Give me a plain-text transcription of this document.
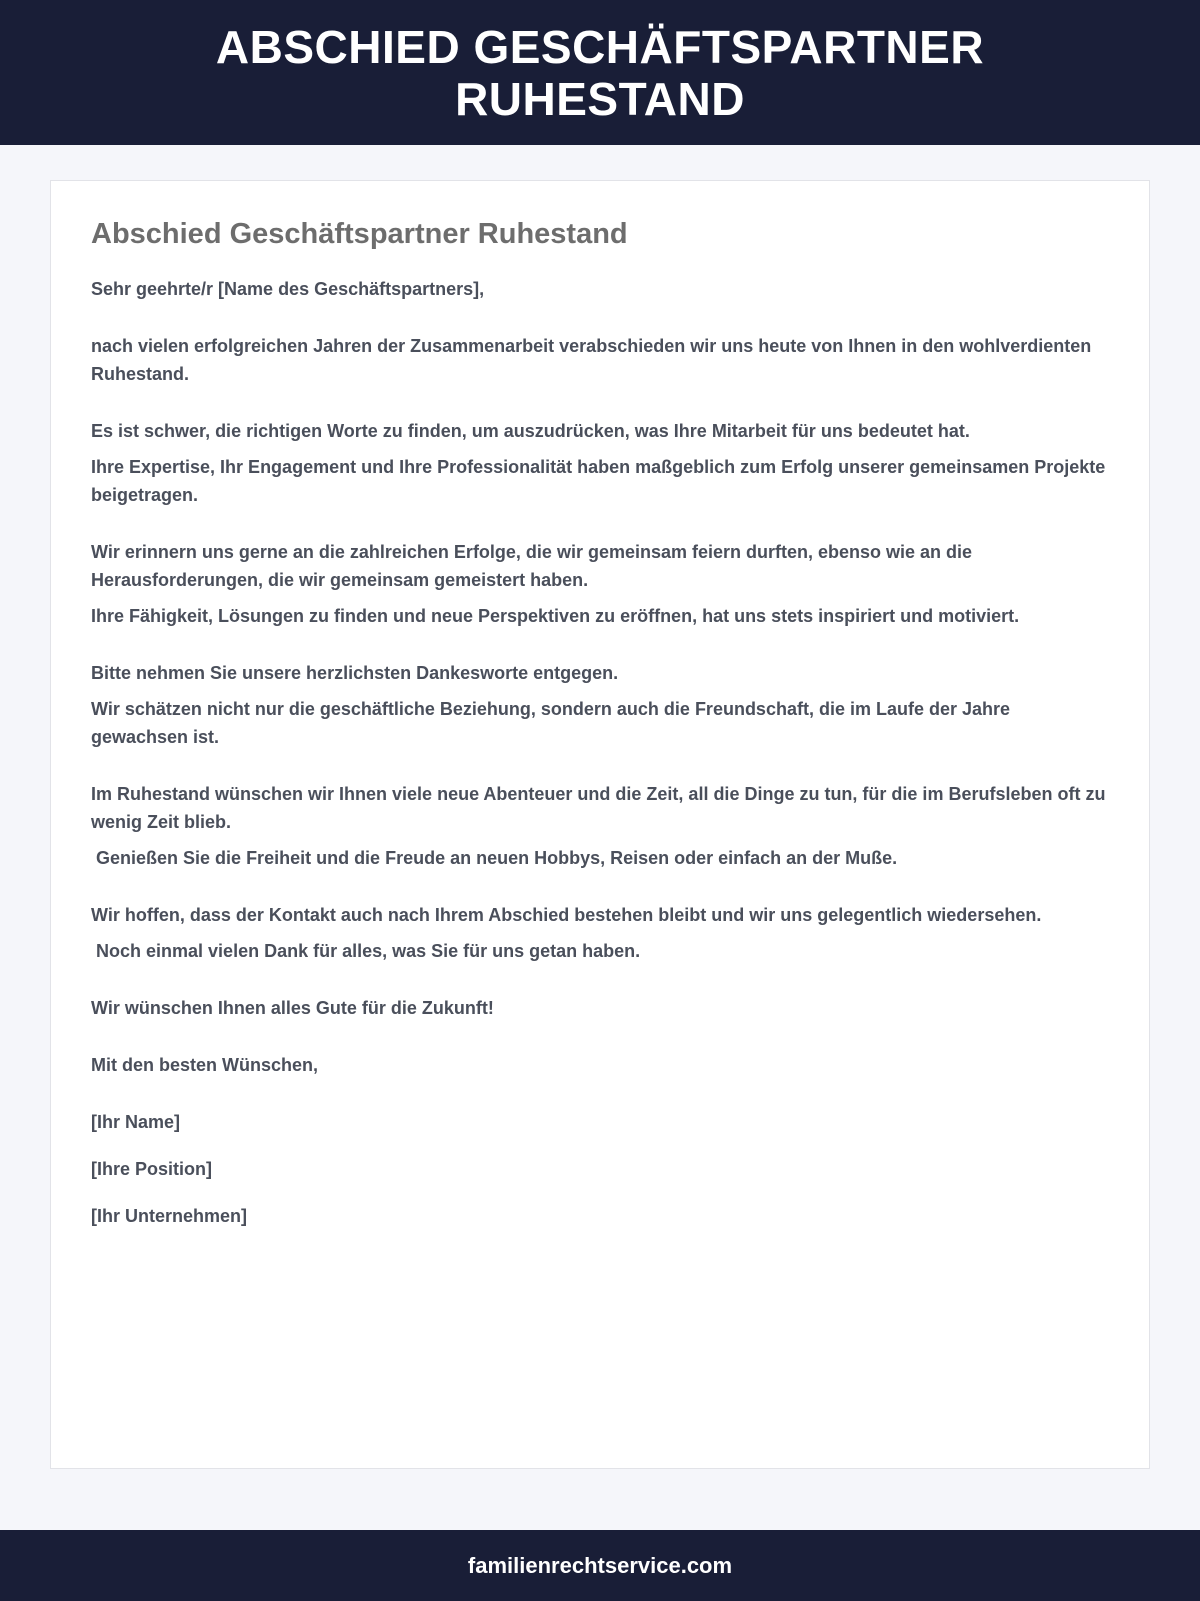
ABSCHIED GESCHÄFTSPARTNER RUHESTAND
Abschied Geschäftspartner Ruhestand

Sehr geehrte/r [Name des Geschäftspartners],

nach vielen erfolgreichen Jahren der Zusammenarbeit verabschieden wir uns heute von Ihnen in den wohlverdienten Ruhestand.

Es ist schwer, die richtigen Worte zu finden, um auszudrücken, was Ihre Mitarbeit für uns bedeutet hat.

Ihre Expertise, Ihr Engagement und Ihre Professionalität haben maßgeblich zum Erfolg unserer gemeinsamen Projekte beigetragen.

Wir erinnern uns gerne an die zahlreichen Erfolge, die wir gemeinsam feiern durften, ebenso wie an die Herausforderungen, die wir gemeinsam gemeistert haben.

Ihre Fähigkeit, Lösungen zu finden und neue Perspektiven zu eröffnen, hat uns stets inspiriert und motiviert.

Bitte nehmen Sie unsere herzlichsten Dankesworte entgegen.

Wir schätzen nicht nur die geschäftliche Beziehung, sondern auch die Freundschaft, die im Laufe der Jahre gewachsen ist.

Im Ruhestand wünschen wir Ihnen viele neue Abenteuer und die Zeit, all die Dinge zu tun, für die im Berufsleben oft zu wenig Zeit blieb.

Genießen Sie die Freiheit und die Freude an neuen Hobbys, Reisen oder einfach an der Muße.

Wir hoffen, dass der Kontakt auch nach Ihrem Abschied bestehen bleibt und wir uns gelegentlich wiedersehen.

Noch einmal vielen Dank für alles, was Sie für uns getan haben.

Wir wünschen Ihnen alles Gute für die Zukunft!

Mit den besten Wünschen,

[Ihr Name]

[Ihre Position]

[Ihr Unternehmen]

familienrechtservice.com
